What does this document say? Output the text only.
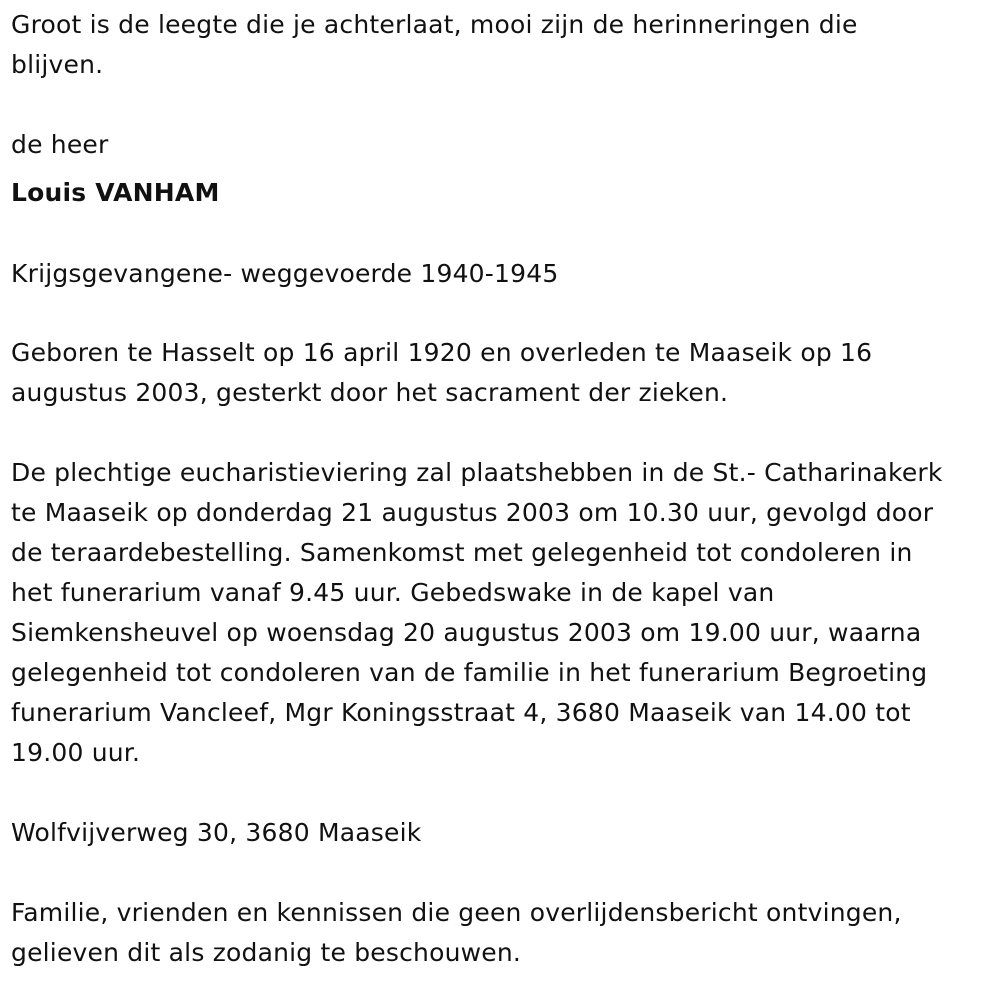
Groot is de leegte die je achterlaat, mooi zijn de herinneringen die
blijven.

de heer

Louis VANHAM

Krijgsgevangene- weggevoerde 1940-1945

Geboren te Hasselt op 16 april 1920 en overleden te Maaseik op 16
augustus 2003, gesterkt door het sacrament der zieken.

De plechtige eucharistieviering zal plaatshebben in de St.- Catharinakerk
te Maaseik op donderdag 21 augustus 2003 om 10.30 uur, gevolgd door
de teraardebestelling. Samenkomst met gelegenheid tot condoleren in
het funerarium vanaf 9.45 uur. Gebedswake in de kapel van
Siemkensheuvel op woensdag 20 augustus 2003 om 19.00 uur, waarna
gelegenheid tot condoleren van de familie in het funerarium Begroeting
funerarium Vancleef, Mgr Koningsstraat 4, 3680 Maaseik van 14.00 tot
19.00 uur.

Wolfvijverweg 30, 3680 Maaseik

Familie, vrienden en kennissen die geen overlijdensbericht ontvingen,
gelieven dit als zodanig te beschouwen.
